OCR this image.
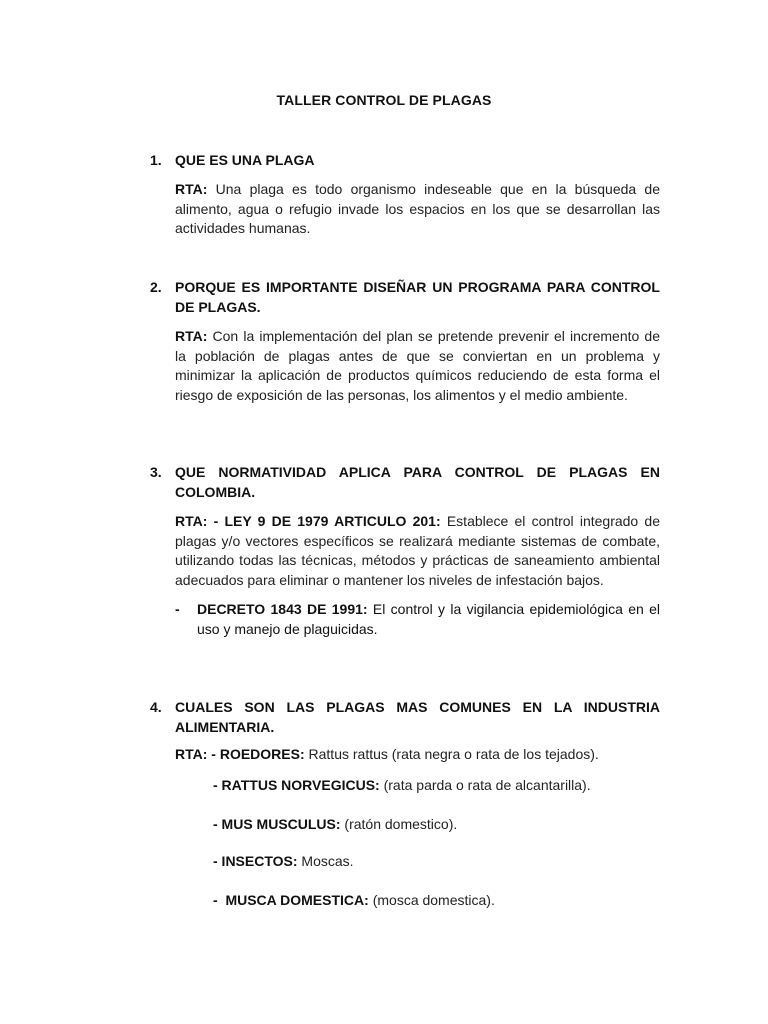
TALLER CONTROL DE PLAGAS
1. QUE ES UNA PLAGA
RTA: Una plaga es todo organismo indeseable que en la búsqueda de alimento, agua o refugio invade los espacios en los que se desarrollan las actividades humanas.
2. PORQUE ES IMPORTANTE DISEÑAR UN PROGRAMA PARA CONTROL DE PLAGAS.
RTA: Con la implementación del plan se pretende prevenir el incremento de la población de plagas antes de que se conviertan en un problema y minimizar la aplicación de productos químicos reduciendo de esta forma el riesgo de exposición de las personas, los alimentos y el medio ambiente.
3. QUE NORMATIVIDAD APLICA PARA CONTROL DE PLAGAS EN COLOMBIA.
RTA: - LEY 9 DE 1979 ARTICULO 201: Establece el control integrado de plagas y/o vectores específicos se realizará mediante sistemas de combate, utilizando todas las técnicas, métodos y prácticas de saneamiento ambiental adecuados para eliminar o mantener los niveles de infestación bajos.
-	DECRETO 1843 DE 1991: El control y la vigilancia epidemiológica en el uso y manejo de plaguicidas.
4. CUALES SON LAS PLAGAS MAS COMUNES EN LA INDUSTRIA ALIMENTARIA.
RTA: - ROEDORES: Rattus rattus (rata negra o rata de los tejados).
- RATTUS NORVEGICUS: (rata parda o rata de alcantarilla).
- MUS MUSCULUS: (ratón domestico).
- INSECTOS: Moscas.
-  MUSCA DOMESTICA: (mosca domestica).
